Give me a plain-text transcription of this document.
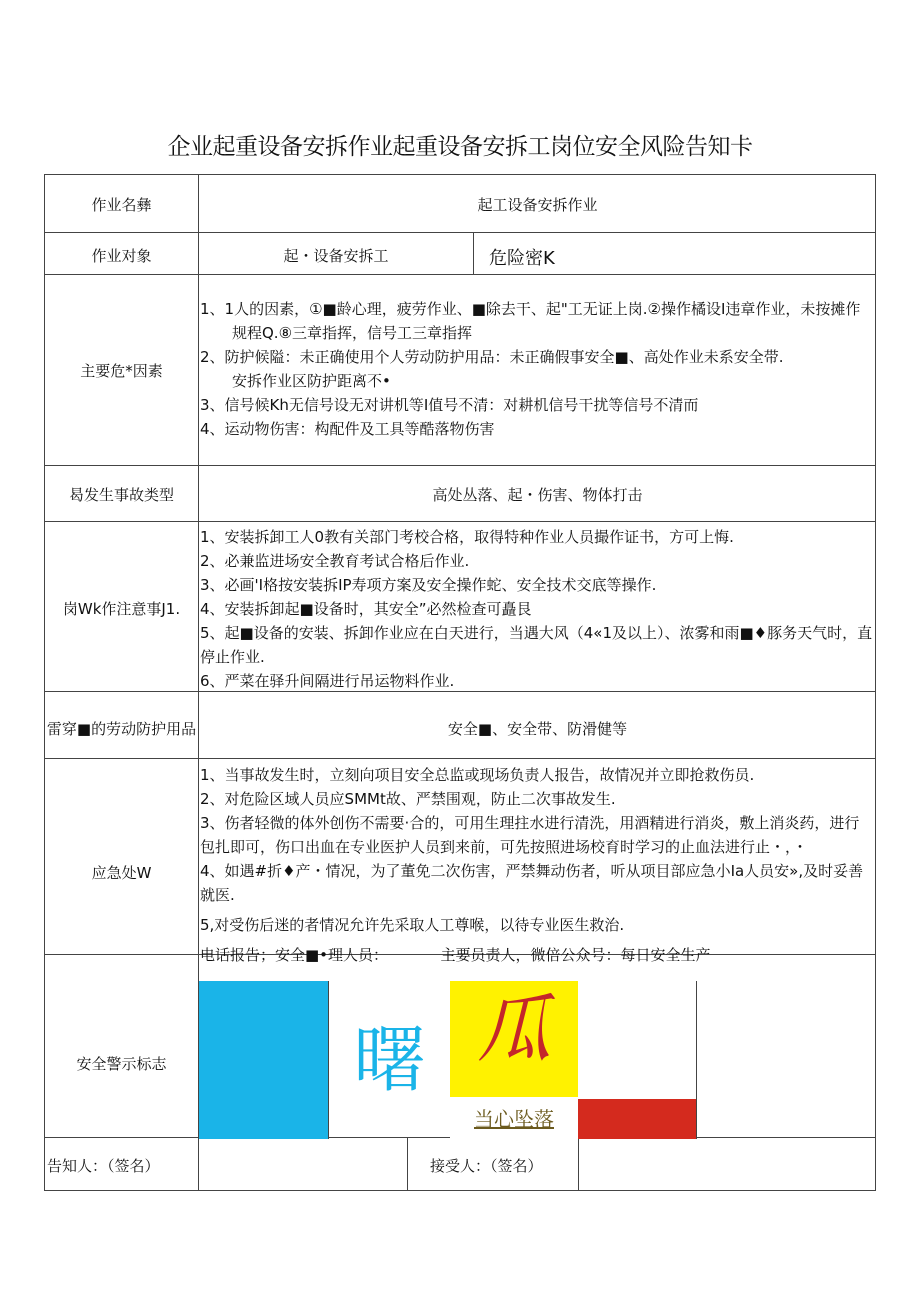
企业起重设备安拆作业起重设备安拆工岗位安全风险告知卡
作业名彝	起工设备安拆作业
作业对象	起・设备安拆工	危险密K
主要危*因素

1、1人的因素，①■龄心理，疲劳作业、■除去干、起"工无证上岗.②操作橘设I违章作业，未按摊作

规程Q.⑧三章指挥，信号工三章指挥

2、防护候隘：未正确使用个人劳动防护用品：未正确假事安全■、高处作业未系安全带.

安拆作业区防护距离不•

3、信号候Kh无信号设无对讲机等I值号不清：对耕机信号干扰等信号不清而

4、运动物伤害：构配件及工具等酷落物伤害

曷发生事故类型	高处丛落、起・伤害、物体打击
岗Wk作注意事J1.

1、安装拆卸工人0教有关部门考校合格，取得特种作业人员撮作证书，方可上悔.

2、必兼监进场安全教育考试合格后作业.

3、必画'I格按安装拆IP寿项方案及安全操作蛇、安全技术交底等操作.

4、安装拆卸起■设备时，其安全”必然检查可矗艮

5、起■设备的安装、拆卸作业应在白天进行，当遇大风（4«1及以上）、浓雾和雨■♦豚务天气时，直

停止作业.

6、严菜在驿升间隔进行吊运物料作业.

雷穿■的劳动防护用品	安全■、安全带、防滑健等
应急处W

1、当事故发生时，立刻向项目安全总监或现场负责人报告，故情况并立即抢救伤员.

2、对危险区域人员应SMMt故、严禁围观，防止二次事故发生.

3、伤者轻微的体外创伤不需要·合的，可用生理拄水进行清洗，用酒精进行消炎，敷上消炎药，进行

包扎即可，伤口出血在专业医护人员到来前，可先按照进场校育时学习的止血法进行止・，・

4、如遇#折♦产・情况，为了董免二次伤害，严禁舞动伤者，听从项目部应急小Ia人员安»,及时妥善

就医.

5,对受伤后迷的者情况允许先采取人工尊喉，以待专业医生救治.

电话报告；安全■•理人员：　　　　主要员责人，微倍公众号：每日安全生产

安全警示标志	曙 瓜
当心坠落
告知人：（签名）	接受人：（签名）
